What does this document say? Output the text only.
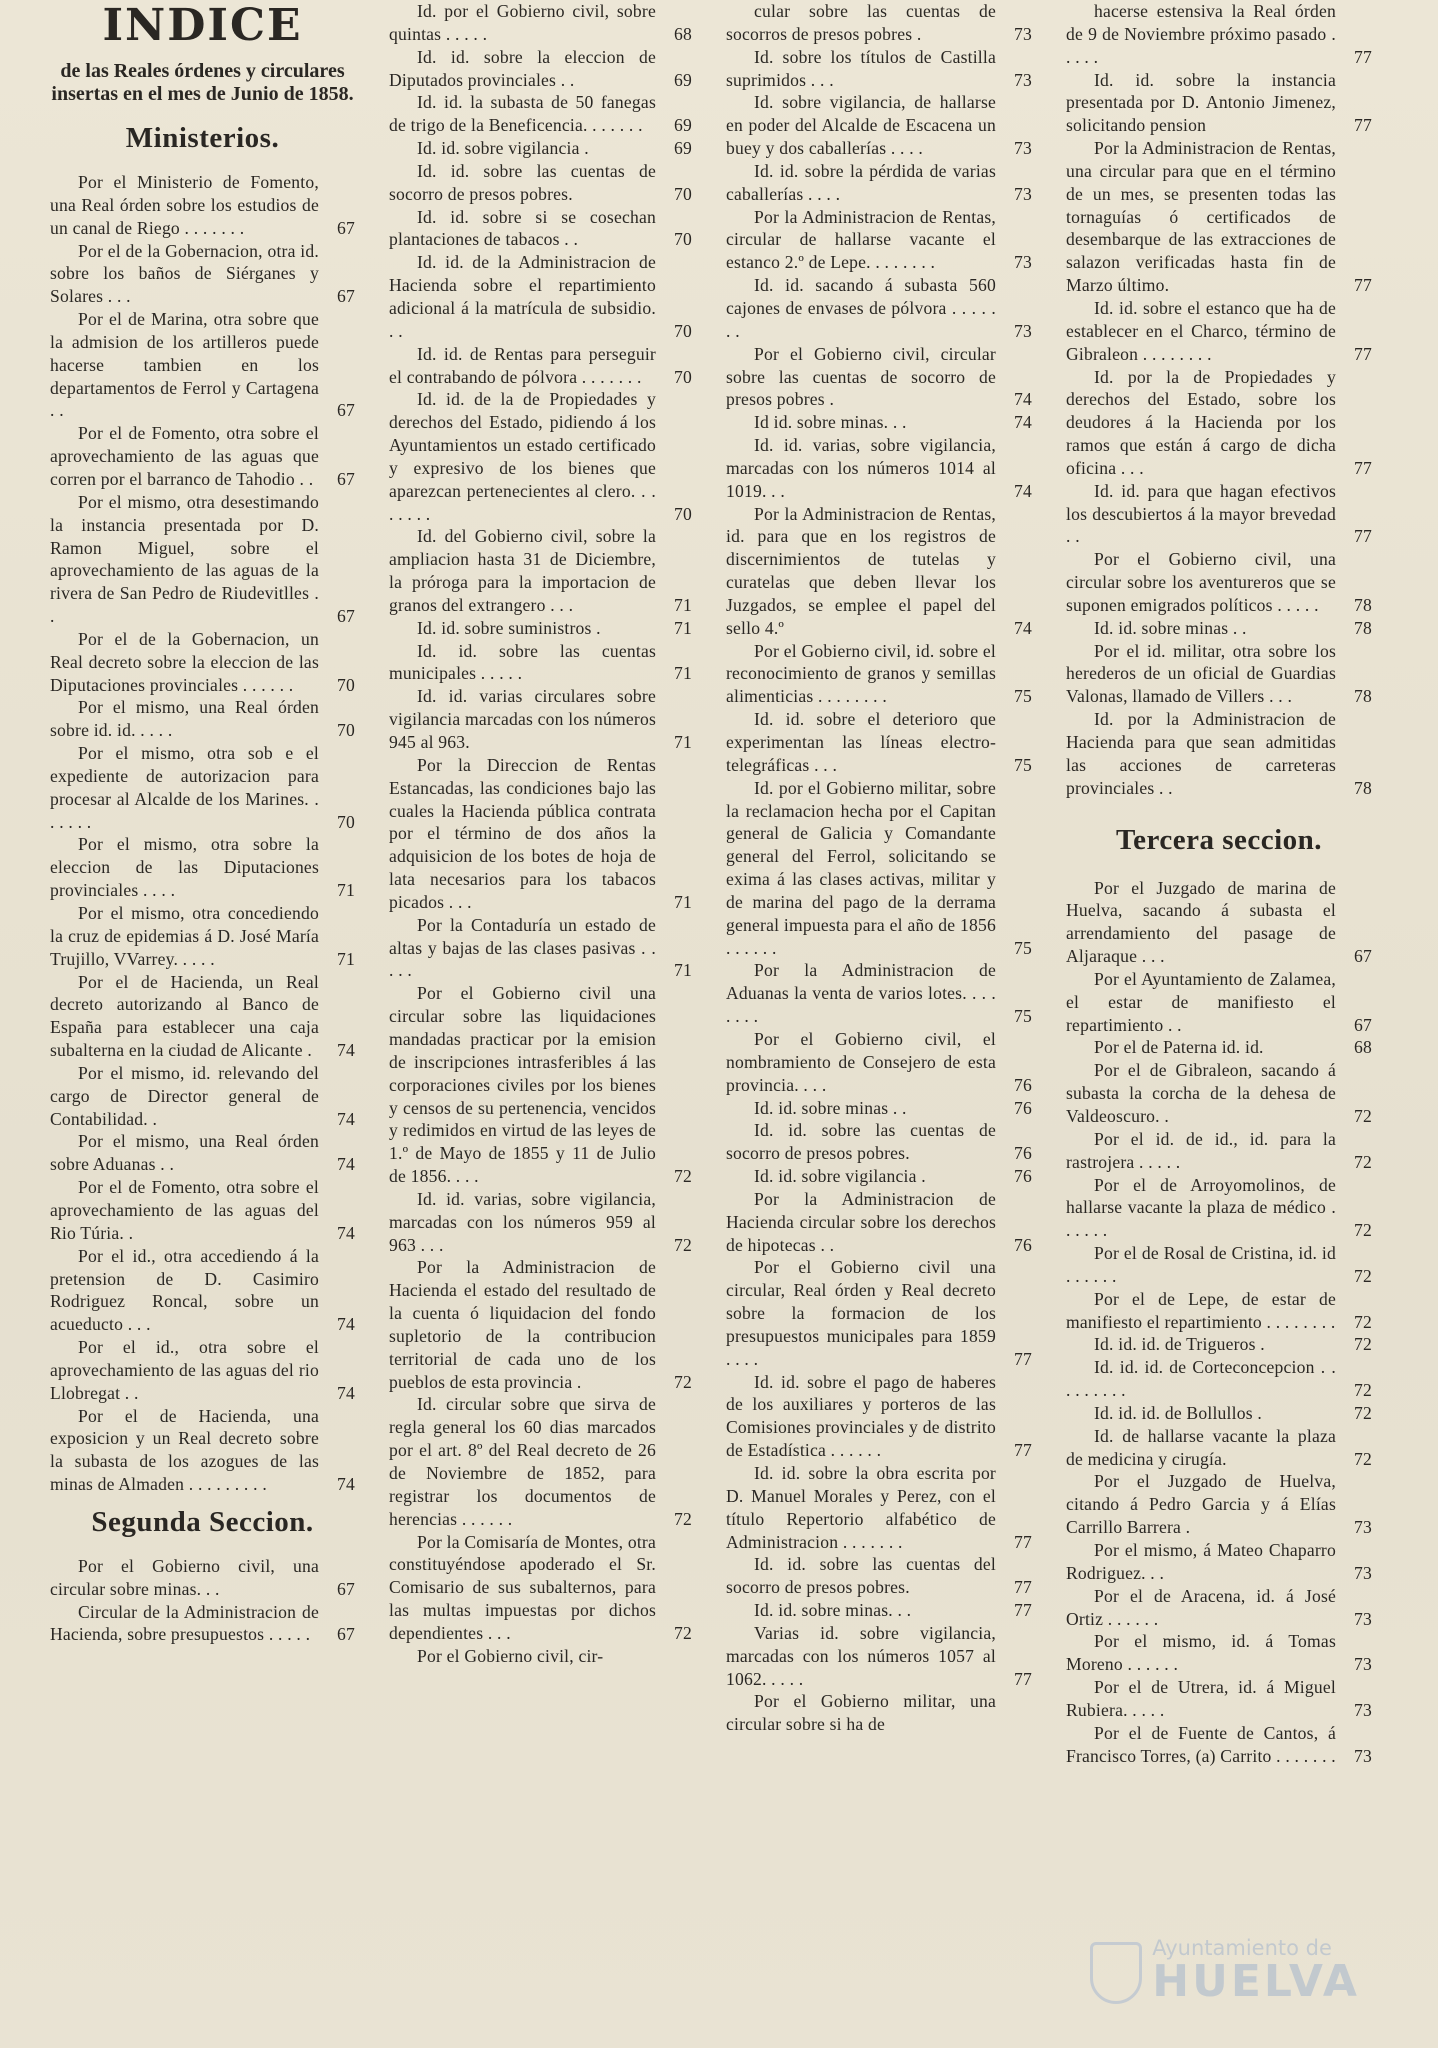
INDICE
de las Reales órdenes y circulares insertas en el mes de Junio de 1858.
Ministerios.
Por el Ministerio de Fomento, una Real órden sobre los estudios de un canal de Riego . . . . . . .	67
Por el de la Gobernacion, otra id. sobre los baños de Siérganes y Solares . . .	67
Por el de Marina, otra sobre que la admision de los artilleros puede hacerse tambien en los departamentos de Ferrol y Cartagena . .	67
Por el de Fomento, otra sobre el aprovechamiento de las aguas que corren por el barranco de Tahodio . .	67
Por el mismo, otra desestimando la instancia presentada por D. Ramon Miguel, sobre el aprovechamiento de las aguas de la rivera de San Pedro de Riudevitlles . .	67
Por el de la Gobernacion, un Real decreto sobre la eleccion de las Diputaciones provinciales . . . . . .	70
Por el mismo, una Real órden sobre id. id. . . . .	70
Por el mismo, otra sob e el expediente de autorizacion para procesar al Alcalde de los Marines. . . . . . .	70
Por el mismo, otra sobre la eleccion de las Diputaciones provinciales . . . .	71
Por el mismo, otra concediendo la cruz de epidemias á D. José María Trujillo, VVarrey. . . . .	71
Por el de Hacienda, un Real decreto autorizando al Banco de España para establecer una caja subalterna en la ciudad de Alicante .	74
Por el mismo, id. relevando del cargo de Director general de Contabilidad. .	74
Por el mismo, una Real órden sobre Aduanas . .	74
Por el de Fomento, otra sobre el aprovechamiento de las aguas del Rio Túria. .	74
Por el id., otra accediendo á la pretension de D. Casimiro Rodriguez Roncal, sobre un acueducto . . .	74
Por el id., otra sobre el aprovechamiento de las aguas del rio Llobregat . .	74
Por el de Hacienda, una exposicion y un Real decreto sobre la subasta de los azogues de las minas de Almaden . . . . . . . . .	74
Segunda Seccion.
Por el Gobierno civil, una circular sobre minas. . .	67
Circular de la Administracion de Hacienda, sobre presupuestos . . . . .	67
Id. por el Gobierno civil, sobre quintas . . . . .	68
Id. id. sobre la eleccion de Diputados provinciales . .	69
Id. id. la subasta de 50 fanegas de trigo de la Beneficencia. . . . . . .	69
Id. id. sobre vigilancia .	69
Id. id. sobre las cuentas de socorro de presos pobres.	70
Id. id. sobre si se cosechan plantaciones de tabacos . .	70
Id. id. de la Administracion de Hacienda sobre el repartimiento adicional á la matrícula de subsidio. . .	70
Id. id. de Rentas para perseguir el contrabando de pólvora . . . . . . .	70
Id. id. de la de Propiedades y derechos del Estado, pidiendo á los Ayuntamientos un estado certificado y expresivo de los bienes que aparezcan pertenecientes al clero. . . . . . . .	70
Id. del Gobierno civil, sobre la ampliacion hasta 31 de Diciembre, la próroga para la importacion de granos del extrangero . . .	71
Id. id. sobre suministros .	71
Id. id. sobre las cuentas municipales . . . . .	71
Id. id. varias circulares sobre vigilancia marcadas con los números 945 al 963.	71
Por la Direccion de Rentas Estancadas, las condiciones bajo las cuales la Hacienda pública contrata por el término de dos años la adquisicion de los botes de hoja de lata necesarios para los tabacos picados . . .	71
Por la Contaduría un estado de altas y bajas de las clases pasivas . . . . .	71
Por el Gobierno civil una circular sobre las liquidaciones mandadas practicar por la emision de inscripciones intrasferibles á las corporaciones civiles por los bienes y censos de su pertenencia, vencidos y redimidos en virtud de las leyes de 1.º de Mayo de 1855 y 11 de Julio de 1856. . . .	72
Id. id. varias, sobre vigilancia, marcadas con los números 959 al 963 . . .	72
Por la Administracion de Hacienda el estado del resultado de la cuenta ó liquidacion del fondo supletorio de la contribucion territorial de cada uno de los pueblos de esta provincia .	72
Id. circular sobre que sirva de regla general los 60 dias marcados por el art. 8º del Real decreto de 26 de Noviembre de 1852, para registrar los documentos de herencias . . . . . .	72
Por la Comisaría de Montes, otra constituyéndose apoderado el Sr. Comisario de sus subalternos, para las multas impuestas por dichos dependientes . . .	72
Por el Gobierno civil, cir-
cular sobre las cuentas de socorros de presos pobres .	73
Id. sobre los títulos de Castilla suprimidos . . .	73
Id. sobre vigilancia, de hallarse en poder del Alcalde de Escacena un buey y dos caballerías . . . .	73
Id. id. sobre la pérdida de varias caballerías . . . .	73
Por la Administracion de Rentas, circular de hallarse vacante el estanco 2.º de Lepe. . . . . . . .	73
Id. id. sacando á subasta 560 cajones de envases de pólvora . . . . . . .	73
Por el Gobierno civil, circular sobre las cuentas de socorro de presos pobres .	74
Id id. sobre minas. . .	74
Id. id. varias, sobre vigilancia, marcadas con los números 1014 al 1019. . .	74
Por la Administracion de Rentas, id. para que en los registros de discernimientos de tutelas y curatelas que deben llevar los Juzgados, se emplee el papel del sello 4.º	74
Por el Gobierno civil, id. sobre el reconocimiento de granos y semillas alimenticias . . . . . . . .	75
Id. id. sobre el deterioro que experimentan las líneas electro-telegráficas . . .	75
Id. por el Gobierno militar, sobre la reclamacion hecha por el Capitan general de Galicia y Comandante general del Ferrol, solicitando se exima á las clases activas, militar y de marina del pago de la derrama general impuesta para el año de 1856 . . . . . .	75
Por la Administracion de Aduanas la venta de varios lotes. . . . . . . .	75
Por el Gobierno civil, el nombramiento de Consejero de esta provincia. . . .	76
Id. id. sobre minas . .	76
Id. id. sobre las cuentas de socorro de presos pobres.	76
Id. id. sobre vigilancia .	76
Por la Administracion de Hacienda circular sobre los derechos de hipotecas . .	76
Por el Gobierno civil una circular, Real órden y Real decreto sobre la formacion de los presupuestos municipales para 1859 . . . .	77
Id. id. sobre el pago de haberes de los auxiliares y porteros de las Comisiones provinciales y de distrito de Estadística . . . . . .	77
Id. id. sobre la obra escrita por D. Manuel Morales y Perez, con el título Repertorio alfabético de Administracion . . . . . . .	77
Id. id. sobre las cuentas del socorro de presos pobres.	77
Id. id. sobre minas. . .	77
Varias id. sobre vigilancia, marcadas con los números 1057 al 1062. . . . .	77
Por el Gobierno militar, una circular sobre si ha de
hacerse estensiva la Real órden de 9 de Noviembre próximo pasado . . . . .	77
Id. id. sobre la instancia presentada por D. Antonio Jimenez, solicitando pension	77
Por la Administracion de Rentas, una circular para que en el término de un mes, se presenten todas las tornaguías ó certificados de desembarque de las extracciones de salazon verificadas hasta fin de Marzo último.	77
Id. id. sobre el estanco que ha de establecer en el Charco, término de Gibraleon . . . . . . . .	77
Id. por la de Propiedades y derechos del Estado, sobre los deudores á la Hacienda por los ramos que están á cargo de dicha oficina . . .	77
Id. id. para que hagan efectivos los descubiertos á la mayor brevedad . .	77
Por el Gobierno civil, una circular sobre los aventureros que se suponen emigrados políticos . . . . .	78
Id. id. sobre minas . .	78
Por el id. militar, otra sobre los herederos de un oficial de Guardias Valonas, llamado de Villers . . .	78
Id. por la Administracion de Hacienda para que sean admitidas las acciones de carreteras provinciales . .	78
Tercera seccion.
Por el Juzgado de marina de Huelva, sacando á subasta el arrendamiento del pasage de Aljaraque . . .	67
Por el Ayuntamiento de Zalamea, el estar de manifiesto el repartimiento . .	67
Por el de Paterna id. id.	68
Por el de Gibraleon, sacando á subasta la corcha de la dehesa de Valdeoscuro. .	72
Por el id. de id., id. para la rastrojera . . . . .	72
Por el de Arroyomolinos, de hallarse vacante la plaza de médico . . . . . .	72
Por el de Rosal de Cristina, id. id . . . . . .	72
Por el de Lepe, de estar de manifiesto el repartimiento . . . . . . . .	72
Id. id. id. de Trigueros .	72
Id. id. id. de Corteconcepcion . . . . . . . . .	72
Id. id. id. de Bollullos .	72
Id. de hallarse vacante la plaza de medicina y cirugía.	72
Por el Juzgado de Huelva, citando á Pedro Garcia y á Elías Carrillo Barrera .	73
Por el mismo, á Mateo Chaparro Rodriguez. . .	73
Por el de Aracena, id. á José Ortiz . . . . . .	73
Por el mismo, id. á Tomas Moreno . . . . . .	73
Por el de Utrera, id. á Miguel Rubiera. . . . .	73
Por el de Fuente de Cantos, á Francisco Torres, (a) Carrito . . . . . . .	73
Ayuntamiento de
HUELVA
